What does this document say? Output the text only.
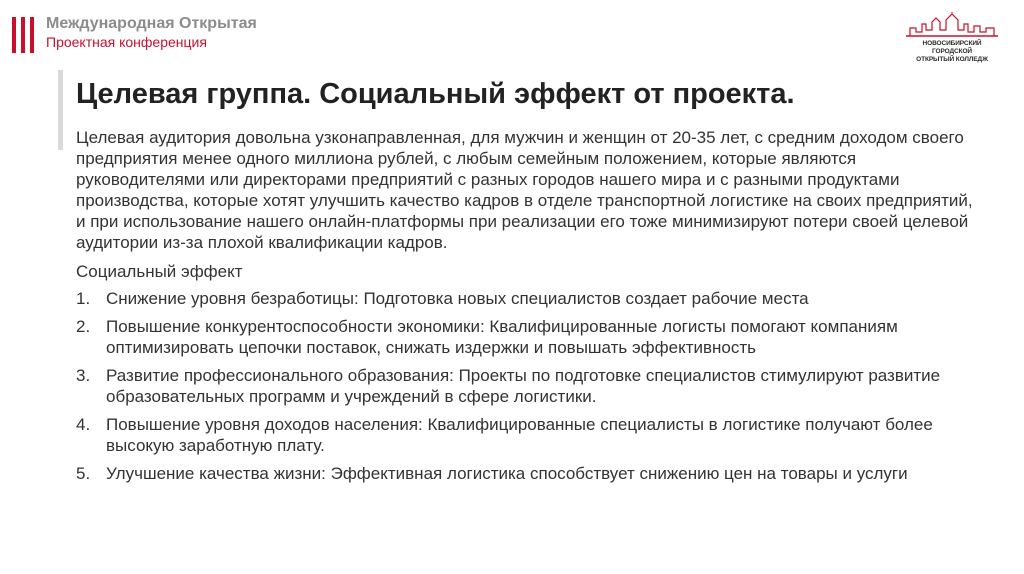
Международная Открытая
Проектная конференция	НОВОСИБИРСКИЙ ГОРОДСКОЙ
ОТКРЫТЫЙ КОЛЛЕДЖ
Целевая группа. Социальный эффект от проекта.

Целевая аудитория довольна узконаправленная, для мужчин и женщин от 20-35 лет, с средним доходом своего предприятия менее одного миллиона рублей, с любым семейным положением, которые являются руководителями или директорами предприятий с разных городов нашего мира и с разными продуктами производства, которые хотят улучшить качество кадров в отделе транспортной логистике на своих предприятий, и при использование нашего онлайн-платформы при реализации его тоже минимизируют потери своей целевой аудитории из-за плохой квалификации кадров.

Социальный эффект
1. Снижение уровня безработицы: Подготовка новых специалистов создает рабочие места
2. Повышение конкурентоспособности экономики: Квалифицированные логисты помогают компаниям оптимизировать цепочки поставок, снижать издержки и повышать эффективность
3. Развитие профессионального образования: Проекты по подготовке специалистов стимулируют развитие образовательных программ и учреждений в сфере логистики.
4. Повышение уровня доходов населения: Квалифицированные специалисты в логистике получают более высокую заработную плату.
5. Улучшение качества жизни: Эффективная логистика способствует снижению цен на товары и услуги
